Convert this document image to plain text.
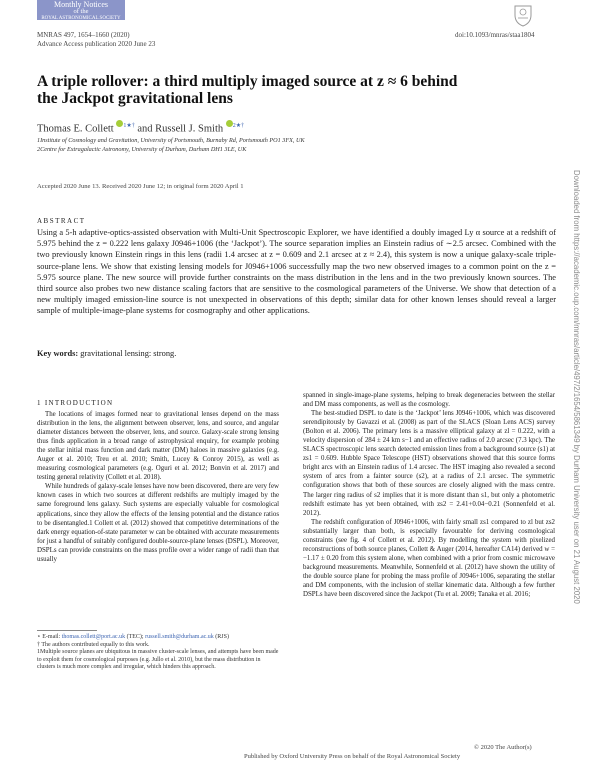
Monthly Notices
of the
ROYAL ASTRONOMICAL SOCIETY
MNRAS 497, 1654–1660 (2020)
Advance Access publication 2020 June 23
doi:10.1093/mnras/staa1804
A triple rollover: a third multiply imaged source at z ≈ 6 behind
the Jackpot gravitational lens
Thomas E. Collett $^{1★\dagger}$ and Russell J. Smith $^{2★\dagger}$
1Institute of Cosmology and Gravitation, University of Portsmouth, Burnaby Rd, Portsmouth PO1 3FX, UK
2Centre for Extragalactic Astronomy, University of Durham, Durham DH1 3LE, UK
Accepted 2020 June 13. Received 2020 June 12; in original form 2020 April 1
ABSTRACT
Using a 5-h adaptive-optics-assisted observation with Multi-Unit Spectroscopic Explorer, we have identified a doubly imaged Ly α source at a redshift of 5.975 behind the z = 0.222 lens galaxy J0946+1006 (the ‘Jackpot’). The source separation implies an Einstein radius of ∼2.5 arcsec. Combined with the two previously known Einstein rings in this lens (radii 1.4 arcsec at z = 0.609 and 2.1 arcsec at z ≈ 2.4), this system is now a unique galaxy-scale triple-source-plane lens. We show that existing lensing models for J0946+1006 successfully map the two new observed images to a common point on the z = 5.975 source plane. The new source will provide further constraints on the mass distribution in the lens and in the two previously known sources. The third source also probes two new distance scaling factors that are sensitive to the cosmological parameters of the Universe. We show that detection of a new multiply imaged emission-line source is not unexpected in observations of this depth; similar data for other known lenses should reveal a larger sample of multiple-image-plane systems for cosmography and other applications.
Key words: gravitational lensing: strong.
1 INTRODUCTION

The locations of images formed near to gravitational lenses depend on the mass distribution in the lens, the alignment between observer, lens, and source, and angular diameter distances between the observer, lens, and source. Galaxy-scale strong lensing thus finds application in a broad range of astrophysical enquiry, for example probing the stellar initial mass function and dark matter (DM) haloes in massive galaxies (e.g. Auger et al. 2010; Treu et al. 2010; Smith, Lucey & Conroy 2015), as well as measuring cosmological parameters (e.g. Oguri et al. 2012; Bonvin et al. 2017) and testing general relativity (Collett et al. 2018).

While hundreds of galaxy-scale lenses have now been discovered, there are very few known cases in which two sources at different redshifts are multiply imaged by the same foreground lens galaxy. Such systems are especially valuable for cosmological applications, since they allow the effects of the lensing potential and the distance ratios to be disentangled.1 Collett et al. (2012) showed that competitive determinations of the dark energy equation-of-state parameter w can be obtained with accurate measurements for just a handful of suitably configured double-source-plane lenses (DSPL). Moreover, DSPLs can provide constraints on the mass profile over a wider range of radii than that usually

spanned in single-image-plane systems, helping to break degeneracies between the stellar and DM mass components, as well as the cosmology.

The best-studied DSPL to date is the ‘Jackpot’ lens J0946+1006, which was discovered serendipitously by Gavazzi et al. (2008) as part of the SLACS (Sloan Lens ACS) survey (Bolton et al. 2006). The primary lens is a massive elliptical galaxy at zl = 0.222, with a velocity dispersion of 284 ± 24 km s−1 and an effective radius of 2.0 arcsec (7.3 kpc). The SLACS spectroscopic lens search detected emission lines from a background source (s1) at zs1 = 0.609. Hubble Space Telescope (HST) observations showed that this source forms bright arcs with an Einstein radius of 1.4 arcsec. The HST imaging also revealed a second system of arcs from a fainter source (s2), at a radius of 2.1 arcsec. The symmetric configuration shows that both of these sources are closely aligned with the mass centre. The larger ring radius of s2 implies that it is more distant than s1, but only a photometric redshift estimate has yet been obtained, with zs2 = 2.41+0.04−0.21 (Sonnenfeld et al. 2012).

The redshift configuration of J0946+1006, with fairly small zs1 compared to zl but zs2 substantially larger than both, is especially favourable for deriving cosmological constraints (see fig. 4 of Collett et al. 2012). By modelling the system with pixelized reconstructions of both source planes, Collett & Auger (2014, hereafter CA14) derived w = −1.17 ± 0.20 from this system alone, when combined with a prior from cosmic microwave background measurements. Meanwhile, Sonnenfeld et al. (2012) have shown the utility of the double source plane for probing the mass profile of J0946+1006, separating the stellar and DM components, with the inclusion of stellar kinematic data. Although a few further DSPLs have been discovered since the Jackpot (Tu et al. 2009; Tanaka et al. 2016;

⋆ E-mail: thomas.collett@port.ac.uk (TEC); russell.smith@durham.ac.uk (RJS)
† The authors contributed equally to this work.
1Multiple source planes are ubiquitous in massive cluster-scale lenses, and attempts have been made to exploit them for cosmological purposes (e.g. Jullo et al. 2010), but the mass distribution in clusters is much more complex and irregular, which hinders this approach.
© 2020 The Author(s)
Published by Oxford University Press on behalf of the Royal Astronomical Society
Downloaded from https://academic.oup.com/mnras/article/497/2/1654/5861349 by Durham University user on 21 August 2020
